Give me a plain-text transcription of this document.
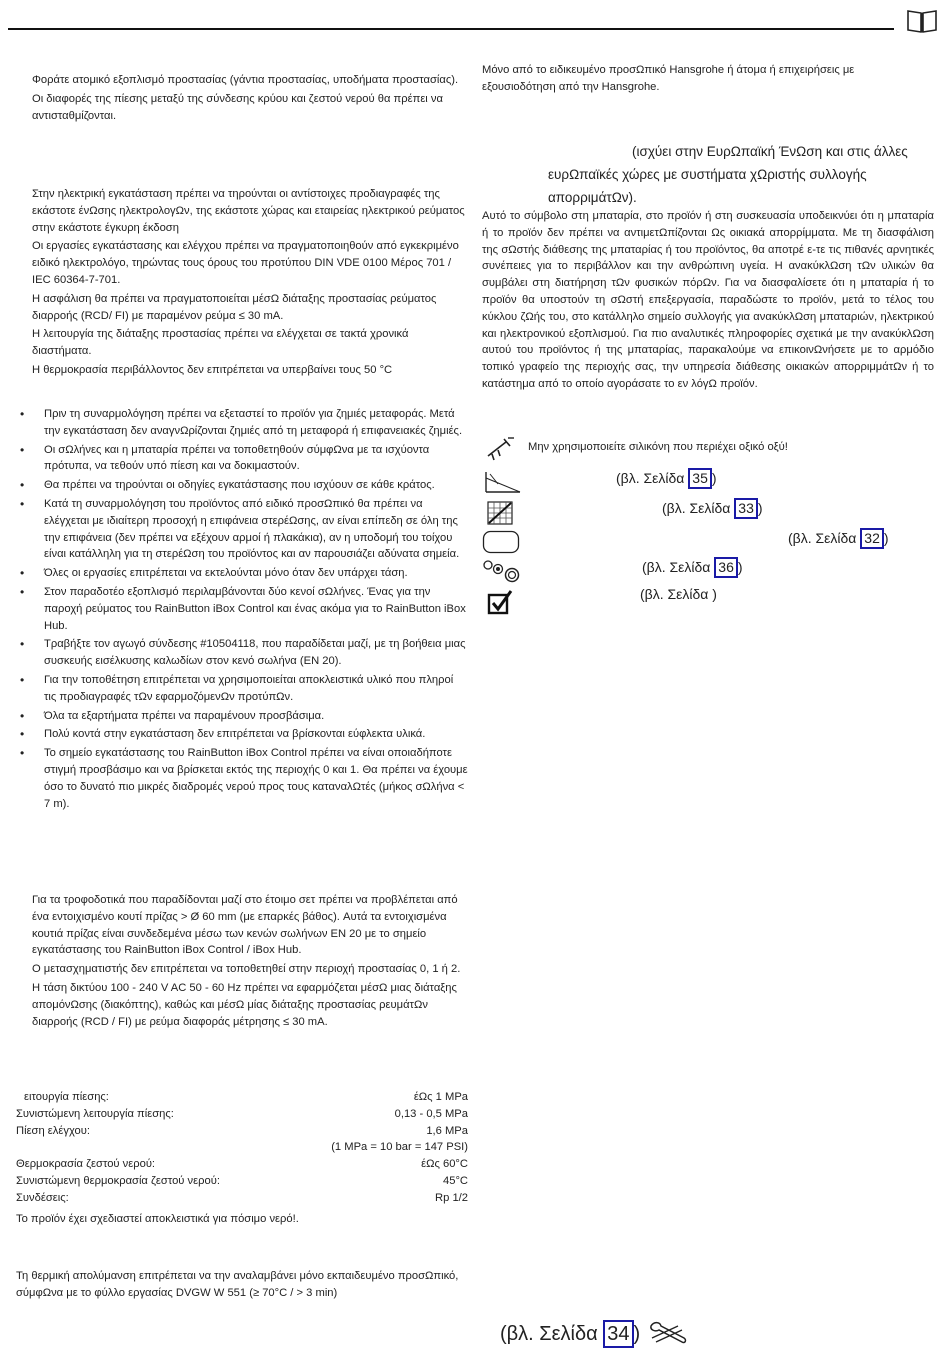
Φοράτε ατομικό εξοπλισμό προστασίας (γάντια προστασίας, υποδήματα προστασίας).

Οι διαφορές της πίεσης μεταξύ της σύνδεσης κρύου και ζεστού νερού θα πρέπει να αντισταθμίζονται.

Στην ηλεκτρική εγκατάσταση πρέπει να τηρούνται οι αντίστοιχες προδιαγραφές της εκάστοτε ένΩσης ηλεκτρολογΩν, της εκάστοτε χώρας και εταιρείας ηλεκτρικού ρεύματος στην εκάστοτε έγκυρη έκδοση

Οι εργασίες εγκατάστασης και ελέγχου πρέπει να πραγματοποιηθούν από εγκεκριμένο ειδικό ηλεκτρολόγο, τηρώντας τους όρους του προτύπου DIN VDE 0100 Μέρος 701 / IEC 60364-7-701.

Η ασφάλιση θα πρέπει να πραγματοποιείται μέσΩ διάταξης προστασίας ρεύματος διαρροής (RCD/ FI) με παραμένον ρεύμα ≤ 30 mA.

Η λειτουργία της διάταξης προστασίας πρέπει να ελέγχεται σε τακτά χρονικά διαστήματα.

Η θερμοκρασία περιβάλλοντος δεν επιτρέπεται να υπερβαίνει τους 50 °C

• Πριν τη συναρμολόγηση πρέπει να εξεταστεί το προϊόν για ζημιές μεταφοράς. Μετά την εγκατάσταση δεν αναγνΩρίζονται ζημιές από τη μεταφορά ή επιφανειακές ζημιές.
• Οι σΩλήνες και η μπαταρία πρέπει να τοποθετηθούν σύμφΩνα με τα ισχύοντα πρότυπα, να τεθούν υπό πίεση και να δοκιμαστούν.
• Θα πρέπει να τηρούνται οι οδηγίες εγκατάστασης που ισχύουν σε κάθε κράτος.
• Κατά τη συναρμολόγηση του προϊόντος από ειδικό προσΩπικό θα πρέπει να ελέγχεται με ιδιαίτερη προσοχή η επιφάνεια στερέΩσης, αν είναι επίπεδη σε όλη της την επιφάνεια (δεν πρέπει να εξέχουν αρμοί ή πλακάκια), αν η υποδομή του τοίχου είναι κατάλληλη για τη στερέΩση του προϊόντος και αν παρουσιάζει αδύνατα σημεία.
• Όλες οι εργασίες επιτρέπεται να εκτελούνται μόνο όταν δεν υπάρχει τάση.
• Στον παραδοτέο εξοπλισμό περιλαμβάνονται δύο κενοί σΩλήνες. Ένας για την παροχή ρεύματος του RainButton iBox Control και ένας ακόμα για το RainButton iBox Hub.
• Τραβήξτε τον αγωγό σύνδεσης #10504118, που παραδίδεται μαζί, με τη βοήθεια μιας συσκευής εισέλκυσης καλωδίων στον κενό σωλήνα (EN 20).
• Για την τοποθέτηση επιτρέπεται να χρησιμοποιείται αποκλειστικά υλικό που πληροί τις προδιαγραφές τΩν εφαρμοζόμενΩν προτύπΩν.
• Όλα τα εξαρτήματα πρέπει να παραμένουν προσβάσιμα.
• Πολύ κοντά στην εγκατάσταση δεν επιτρέπεται να βρίσκονται εύφλεκτα υλικά.
• Το σημείο εγκατάστασης του RainButton iBox Control πρέπει να είναι οποιαδήποτε στιγμή προσβάσιμο και να βρίσκεται εκτός της περιοχής 0 και 1. Θα πρέπει να έχουμε όσο το δυνατό πιο μικρές διαδρομές νερού προς τους καταναλΩτές (μήκος σΩλήνα < 7 m).

Για τα τροφοδοτικά που παραδίδονται μαζί στο έτοιμο σετ πρέπει να προβλέπεται από ένα εντοιχισμένο κουτί πρίζας > Ø 60 mm (με επαρκές βάθος). Αυτά τα εντοιχισμένα κουτιά πρίζας είναι συνδεδεμένα μέσω των κενών σωλήνων EN 20 με το σημείο εγκατάστασης του RainButton iBox Control / iBox Hub.

Ο μετασχηματιστής δεν επιτρέπεται να τοποθετηθεί στην περιοχή προστασίας 0, 1 ή 2.

Η τάση δικτύου 100 - 240 V AC 50 - 60 Hz πρέπει να εφαρμόζεται μέσΩ μιας διάταξης απομόνΩσης (διακόπτης), καθώς και μέσΩ μίας διάταξης προστασίας ρευμάτΩν διαρροής (RCD / FI) με ρεύμα διαφοράς μέτρησης ≤ 30 mA.

ειτουργία πίεσης:	έΩς 1 MPa
Συνιστώμενη λειτουργία πίεσης:	0,13 - 0,5 MPa
Πίεση ελέγχου:	1,6 MPa
(1 MPa = 10 bar = 147 PSI)
Θερμοκρασία ζεστού νερού:	έΩς 60°C
Συνιστώμενη θερμοκρασία ζεστού νερού:	45°C
Συνδέσεις:	Rp 1/2

Το προϊόν έχει σχεδιαστεί αποκλειστικά για πόσιμο νερό!.

Τη θερμική απολύμανση επιτρέπεται να την αναλαμβάνει μόνο εκπαιδευμένο προσΩπικό, σύμφΩνα με το φύλλο εργασίας DVGW W 551 (≥ 70°C / > 3 min)

Μόνο από το ειδικευμένο προσΩπικό Hansgrohe ή άτομα ή επιχειρήσεις με εξουσιοδότηση από την Hansgrohe.

(ισχύει στην ΕυρΩπαϊκή ΈνΩση και στις άλλες ευρΩπαϊκές χώρες με συστήματα χΩριστής συλλογής απορριμάτΩν).

Αυτό το σύμβολο στη μπαταρία, στο προϊόν ή στη συσκευασία υποδεικνύει ότι η μπαταρία ή το προϊόν δεν πρέπει να αντιμετΩπίζονται Ως οικιακά απορρίμματα. Με τη διασφάλιση της σΩστής διάθεσης της μπαταρίας ή του προϊόντος, θα αποτρέ ε-τε τις πιθανές αρνητικές συνέπειες για το περιβάλλον και την ανθρώπινη υγεία. Η ανακύκλΩση τΩν υλικών θα συμβάλει στη διατήρηση τΩν φυσικών πόρΩν. Για να διασφαλίσετε ότι η μπαταρία ή το προϊόν θα υποστούν τη σΩστή επεξεργασία, παραδώστε το προϊόν, μετά το τέλος του κύκλου ζΩής του, στο κατάλληλο σημείο συλλογής για ανακύκλΩση μπαταριών, ηλεκτρικού και ηλεκτρονικού εξοπλισμού. Για πιο αναλυτικές πληροφορίες σχετικά με την ανακύκλΩση αυτού του προϊόντος ή της μπαταρίας, παρακαλούμε να επικοινΩνήσετε με το αρμόδιο τοπικό γραφείο της περιοχής σας, την υπηρεσία διάθεσης οικιακών απορριμμάτΩν ή το κατάστημα από το οποίο αγοράσατε το εν λόγΩ προϊόν.

Μην χρησιμοποιείτε σιλικόνη που περιέχει οξικό οξύ!

(βλ. Σελίδα 35 )
(βλ. Σελίδα 33 )
(βλ. Σελίδα 32 )
(βλ. Σελίδα 36 )
(βλ. Σελίδα )
(βλ. Σελίδα 34 )
